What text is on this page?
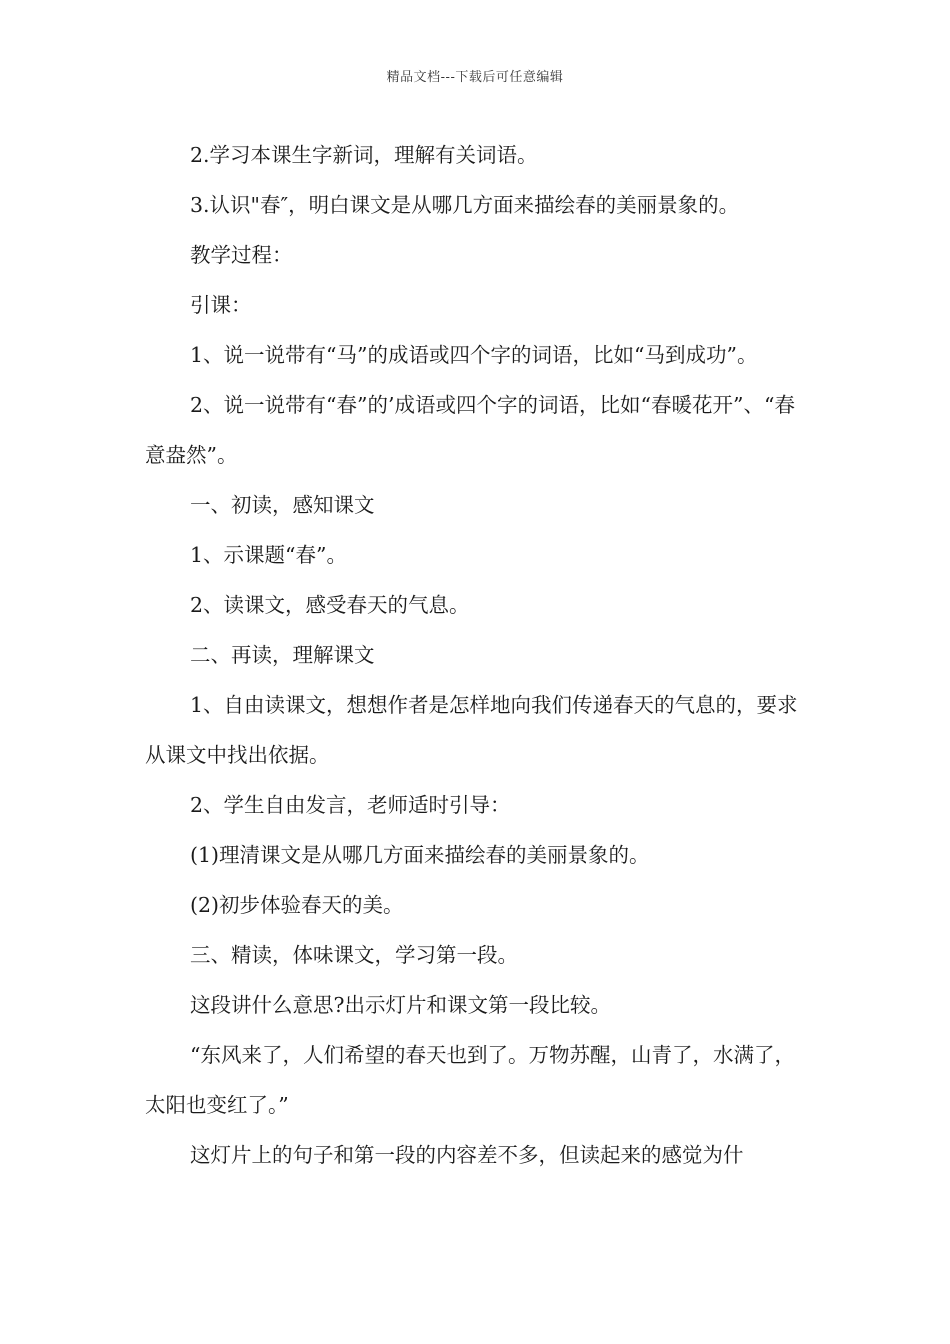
精品文档---下载后可任意编辑

2.学习本课生字新词，理解有关词语。

3.认识"春″，明白课文是从哪几方面来描绘春的美丽景象的。

教学过程：

引课：

1、说一说带有“马”的成语或四个字的词语，比如“马到成功”。

2、说一说带有“春”的’成语或四个字的词语，比如“春暖花开”、“春意盎然”。

一、初读，感知课文

1、示课题“春”。

2、读课文，感受春天的气息。

二、再读，理解课文

1、自由读课文，想想作者是怎样地向我们传递春天的气息的，要求从课文中找出依据。

2、学生自由发言，老师适时引导：

(1)理清课文是从哪几方面来描绘春的美丽景象的。

(2)初步体验春天的美。

三、精读，体味课文，学习第一段。

这段讲什么意思?出示灯片和课文第一段比较。

“东风来了，人们希望的春天也到了。万物苏醒，山青了，水满了，太阳也变红了。”

这灯片上的句子和第一段的内容差不多，但读起来的感觉为什
